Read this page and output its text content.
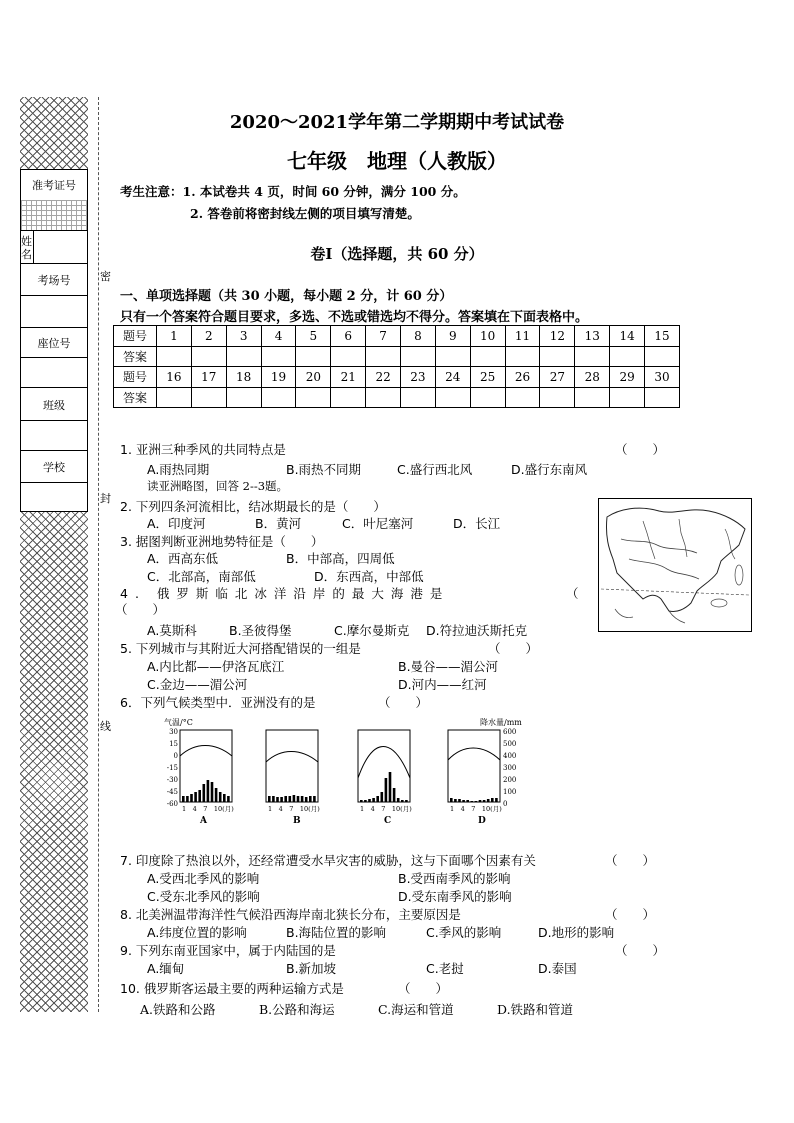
准考证号
姓名
考场号
座位号
班级
学校
密
封
线
2020～2021学年第二学期期中考试试卷
七年级　地理（人教版）
考生注意：1. 本试卷共 4 页，时间 60 分钟，满分 100 分。
2. 答卷前将密封线左侧的项目填写清楚。
卷Ⅰ（选择题，共 60 分）
一、单项选择题（共 30 小题，每小题 2 分，计 60 分）
只有一个答案符合题目要求，多选、不选或错选均不得分。答案填在下面表格中。
题号	1	2	3	4	5	6	7	8	9	10	11	12	13	14	15
答案															
题号	16	17	18	19	20	21	22	23	24	25	26	27	28	29	30
答案															
1. 亚洲三种季风的共同特点是	（　　）
A.雨热同期	B.雨热不同期	C.盛行西北风	D.盛行东南风
读亚洲略图，回答 2--3题。
2. 下列四条河流相比，结冰期最长的是（　　）
A．印度河	B．黄河	C．叶尼塞河	D．长江
3. 据图判断亚洲地势特征是（　　）
A．西高东低	B．中部高，四周低
C．北部高，南部低	D．东西高，中部低
4. 俄罗斯临北冰洋沿岸的最大海港是	（
（　　）
A.莫斯科	B.圣彼得堡	C.摩尔曼斯克 D.符拉迪沃斯托克
5. 下列城市与其附近大河搭配错误的一组是	（　　）
A.内比都——伊洛瓦底江	B.曼谷——湄公河
C.金边——湄公河	D.河内——红河
6．下列气候类型中．亚洲没有的是	（　　）
30
15
0
-15
-30
-45
-60
600
500
400
300
200
100
0
1　4　7　10(月)	1　4　7　10(月)	1　4　7　10(月)	1　4　7　10(月)
气温/°C	降水量/mm
A	B	C	D
7. 印度除了热浪以外，还经常遭受水旱灾害的威胁，这与下面哪个因素有关	（　　）
A.受西北季风的影响	B.受西南季风的影响
C.受东北季风的影响	D.受东南季风的影响
8. 北美洲温带海洋性气候沿西海岸南北狭长分布，主要原因是	（　　）
A.纬度位置的影响	B.海陆位置的影响	C.季风的影响	D.地形的影响
9. 下列东南亚国家中，属于内陆国的是	（　　）
A.缅甸	B.新加坡	C.老挝	D.泰国
10. 俄罗斯客运最主要的两种运输方式是	（　　）
A.铁路和公路	B.公路和海运	C.海运和管道	D.铁路和管道
